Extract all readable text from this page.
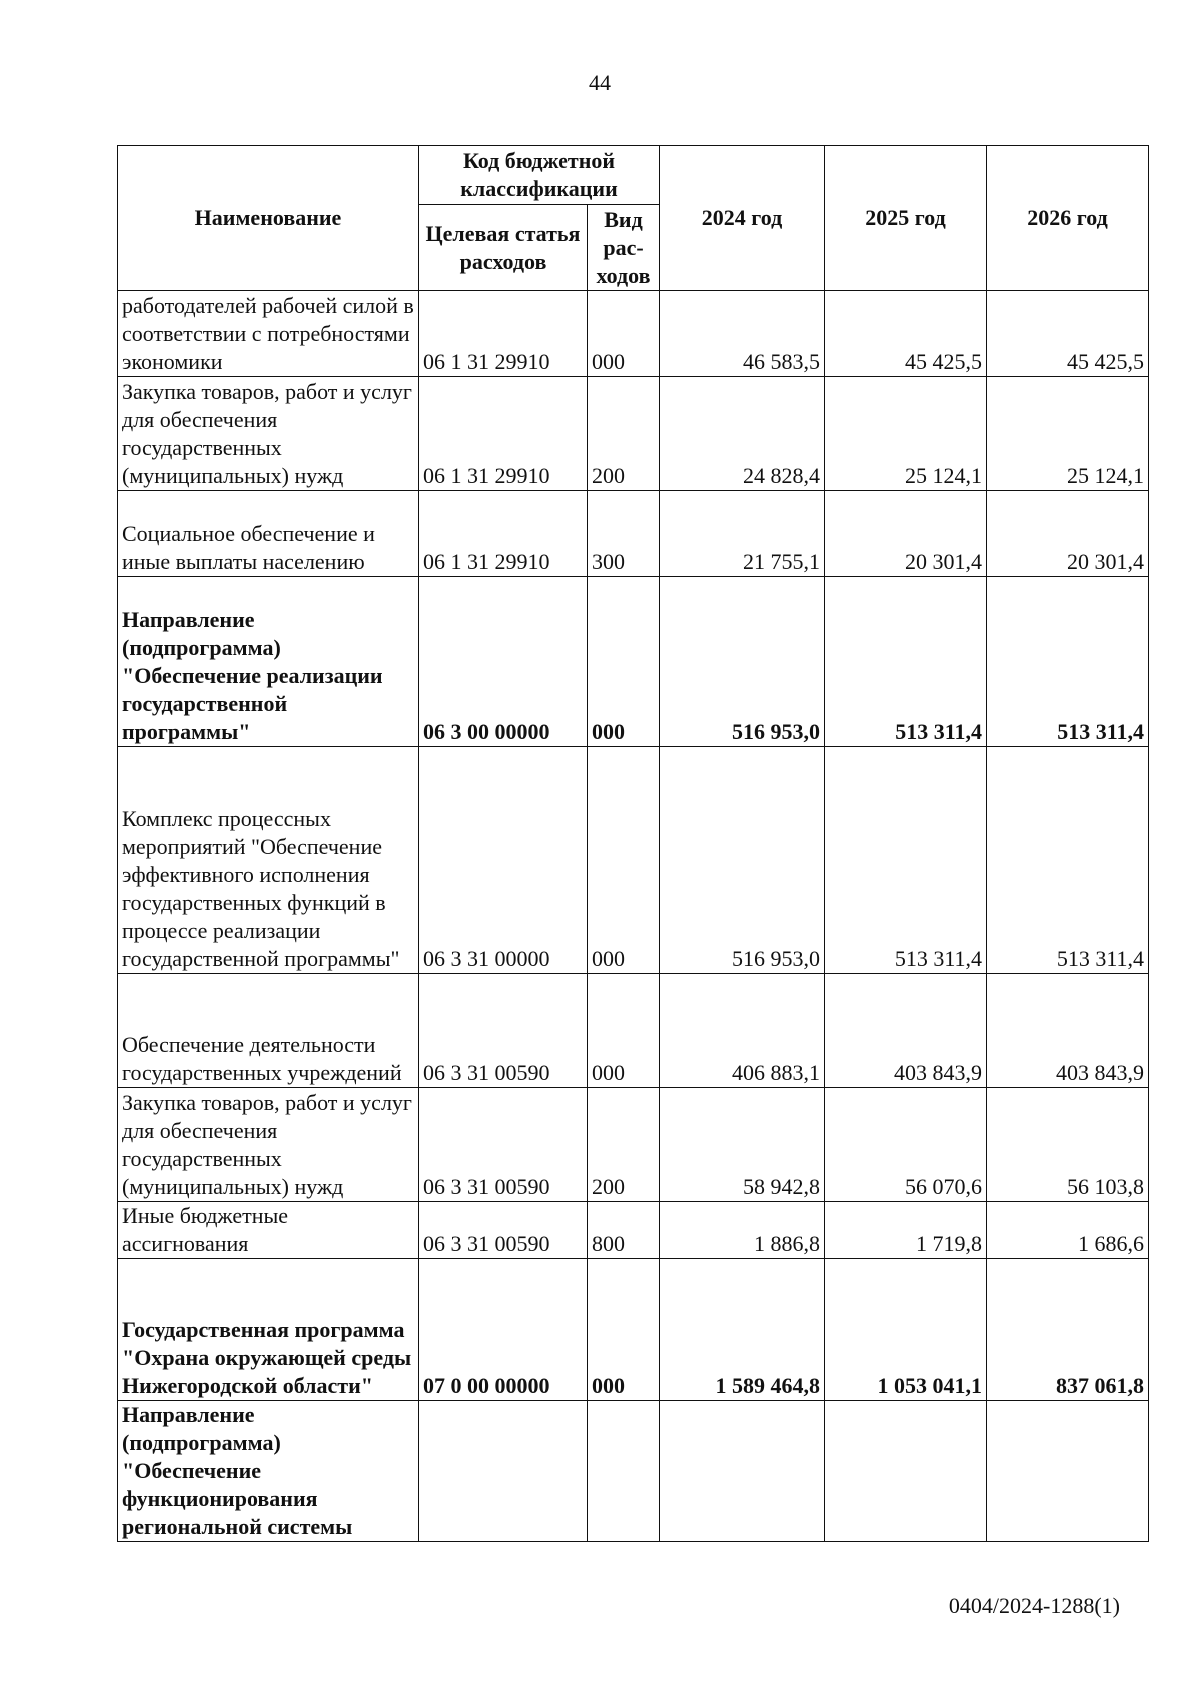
44
Наименование	Код бюджетной классификации		2024 год	2025 год	2026 год
	Целевая статья расходов	Вид рас-ходов			
работодателей рабочей силой в соответствии с потребностями экономики	06 1 31 29910	000	46 583,5	45 425,5	45 425,5
Закупка товаров, работ и услуг для обеспечения государственных (муниципальных) нужд	06 1 31 29910	200	24 828,4	25 124,1	25 124,1
Социальное обеспечение и иные выплаты населению	06 1 31 29910	300	21 755,1	20 301,4	20 301,4
Направление (подпрограмма) "Обеспечение реализации государственной программы"	06 3 00 00000	000	516 953,0	513 311,4	513 311,4
Комплекс процессных мероприятий "Обеспечение эффективного исполнения государственных функций в процессе реализации государственной программы"	06 3 31 00000	000	516 953,0	513 311,4	513 311,4
Обеспечение деятельности государственных учреждений	06 3 31 00590	000	406 883,1	403 843,9	403 843,9
Закупка товаров, работ и услуг для обеспечения государственных (муниципальных) нужд	06 3 31 00590	200	58 942,8	56 070,6	56 103,8
Иные бюджетные ассигнования	06 3 31 00590	800	1 886,8	1 719,8	1 686,6
Государственная программа "Охрана окружающей среды Нижегородской области"	07 0 00 00000	000	1 589 464,8	1 053 041,1	837 061,8
Направление (подпрограмма) "Обеспечение функционирования региональной системы					
0404/2024-1288(1)
